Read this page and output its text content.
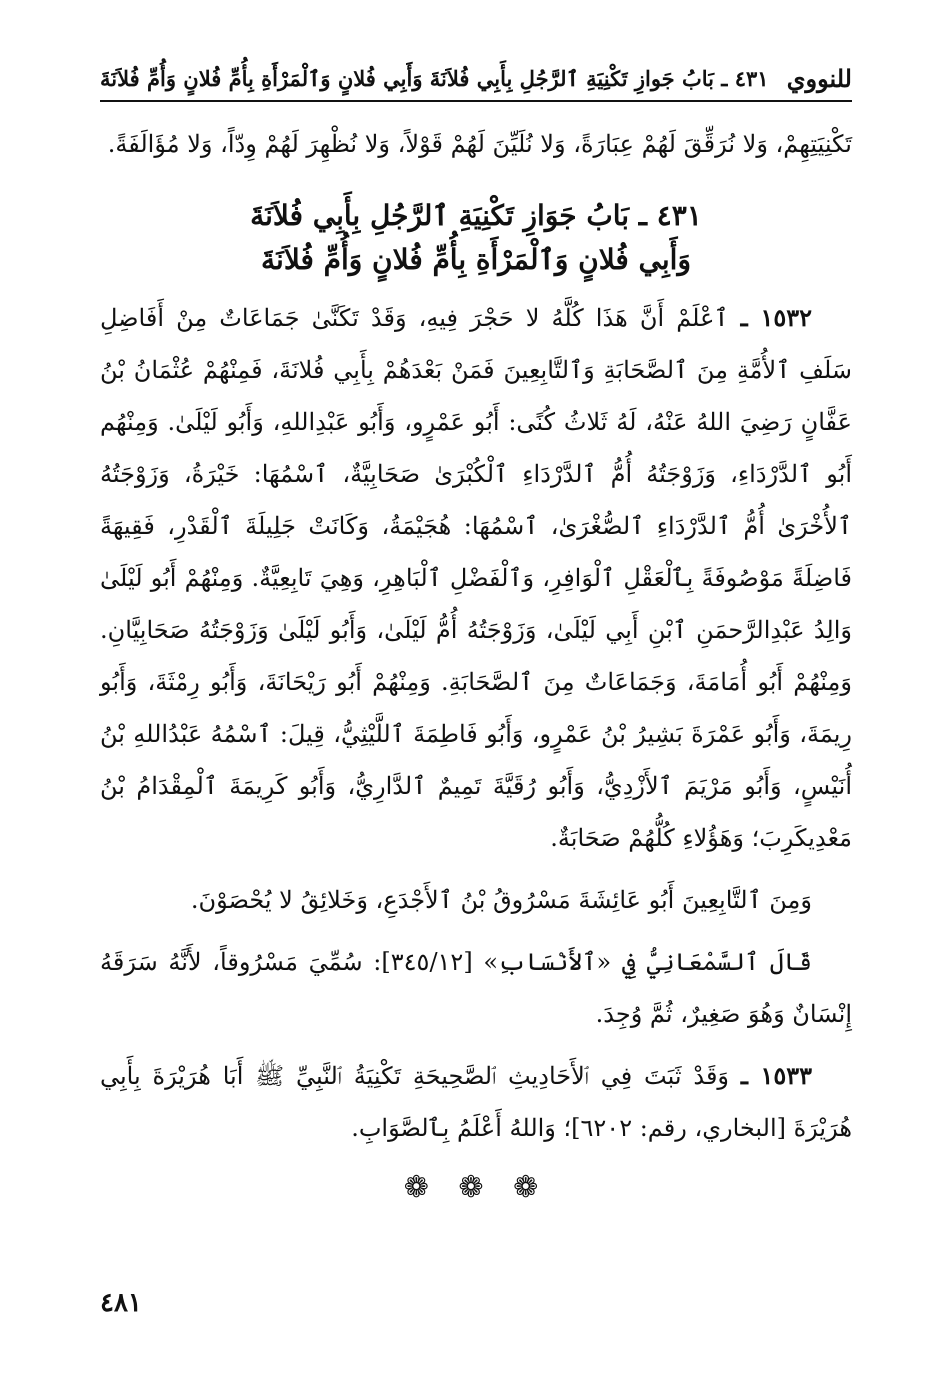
للنووي
٤٣١ ـ بَابُ جَوازِ تَكْنِيَةِ ٱلرَّجُلِ بِأَبِي فُلاَنَةَ وَأَبِي فُلانٍ وَٱلْمَرْأَةِ بِأُمِّ فُلانٍ وَأُمِّ فُلاَنَةَ

تَكْنِيَتِهِمْ، وَلا نُرَقِّقَ لَهُمْ عِبَارَةً، وَلا نُلَيِّنَ لَهُمْ قَوْلاً، وَلا نُظْهِرَ لَهُمْ وِدّاً، وَلا مُؤَالَفَةً.

٤٣١ ـ بَابُ جَوَازِ تَكْنِيَةِ ٱلرَّجُلِ بِأَبِي فُلاَنَةَ
وَأَبِي فُلانٍ وَٱلْمَرْأَةِ بِأُمِّ فُلانٍ وَأُمِّ فُلاَنَةَ

١٥٣٢ ـ ٱعْلَمْ أَنَّ هَذَا كُلَّهُ لا حَجْرَ فِيهِ، وَقَدْ تَكَنَّىٰ جَمَاعَاتٌ مِنْ أَفَاضِلِ سَلَفِ ٱلأُمَّةِ مِنَ ٱلصَّحَابَةِ وَٱلتَّابِعِينَ فَمَنْ بَعْدَهُمْ بِأَبِي فُلانَةَ، فَمِنْهُمْ عُثْمَانُ بْنُ عَفَّانٍ رَضِيَ اللهُ عَنْهُ، لَهُ ثَلاثُ كُنًى: أَبُو عَمْرٍو، وَأَبُو عَبْدِاللهِ، وَأَبُو لَيْلَىٰ. وَمِنْهُم أَبُو ٱلدَّرْدَاءِ، وَزَوْجَتُهُ أُمُّ ٱلدَّرْدَاءِ ٱلْكُبْرَىٰ صَحَابِيَّةٌ، ٱسْمُهَا: خَيْرَةُ، وَزَوْجَتُهُ ٱلأُخْرَىٰ أُمُّ ٱلدَّرْدَاءِ ٱلصُّغْرَىٰ، ٱسْمُهَا: هُجَيْمَةُ، وَكَانَتْ جَلِيلَةَ ٱلْقَدْرِ، فَقِيهَةً فَاضِلَةً مَوْصُوفَةً بِٱلْعَقْلِ ٱلْوَافِرِ، وَٱلْفَضْلِ ٱلْبَاهِرِ، وَهِيَ تَابِعِيَّةٌ. وَمِنْهُمْ أَبُو لَيْلَىٰ وَالِدُ عَبْدِالرَّحمَنِ ٱبْنِ أَبِي لَيْلَىٰ، وَزَوْجَتُهُ أُمُّ لَيْلَىٰ، وَأَبُو لَيْلَىٰ وَزَوْجَتُهُ صَحَابِيَّانِ. وَمِنْهُمْ أَبُو أُمَامَةَ، وَجَمَاعَاتٌ مِنَ ٱلصَّحَابَةِ. وَمِنْهُمْ أَبُو رَيْحَانَةَ، وَأَبُو رِمْثَةَ، وَأَبُو رِيمَةَ، وَأَبُو عَمْرَةَ بَشِيرُ بْنُ عَمْرٍو، وَأَبُو فَاطِمَةَ ٱللَّيْثِيُّ، قِيلَ: ٱسْمُهُ عَبْدُاللهِ بْنُ أُنَيْسٍ، وَأَبُو مَرْيَمَ ٱلأَزْدِيُّ، وَأَبُو رُقَيَّةَ تَمِيمٌ ٱلدَّارِيُّ، وَأَبُو كَرِيمَةَ ٱلْمِقْدَامُ بْنُ مَعْدِيكَرِبَ؛ وَهَؤُلاءِ كُلُّهُمْ صَحَابَةٌ.

وَمِنَ ٱلتَّابِعِينَ أَبُو عَائِشَةَ مَسْرُوقُ بْنُ ٱلأَجْدَعِ، وَخَلائِقُ لا يُحْصَوْنَ.

قَالَ ٱلسَّمْعَانِيُّ فِي «ٱلأَنْسَابِ» [٣٤٥/١٢]: سُمِّيَ مَسْرُوقاً، لأَنَّهُ سَرَقَهُ إِنْسَانٌ وَهُوَ صَغِيرٌ، ثُمَّ وُجِدَ.

١٥٣٣ ـ وَقَدْ ثَبَتَ فِي ٱلأَحَادِيثِ ٱلصَّحِيحَةِ تَكْنِيَةُ ٱلنَّبِيِّ ﷺ أَبَا هُرَيْرَةَ بِأَبِي هُرَيْرَةَ [البخاري، رقم: ٦٢٠٢]؛ وَاللهُ أَعْلَمُ بِٱلصَّوَابِ.

❁ ❁ ❁
٤٨١
